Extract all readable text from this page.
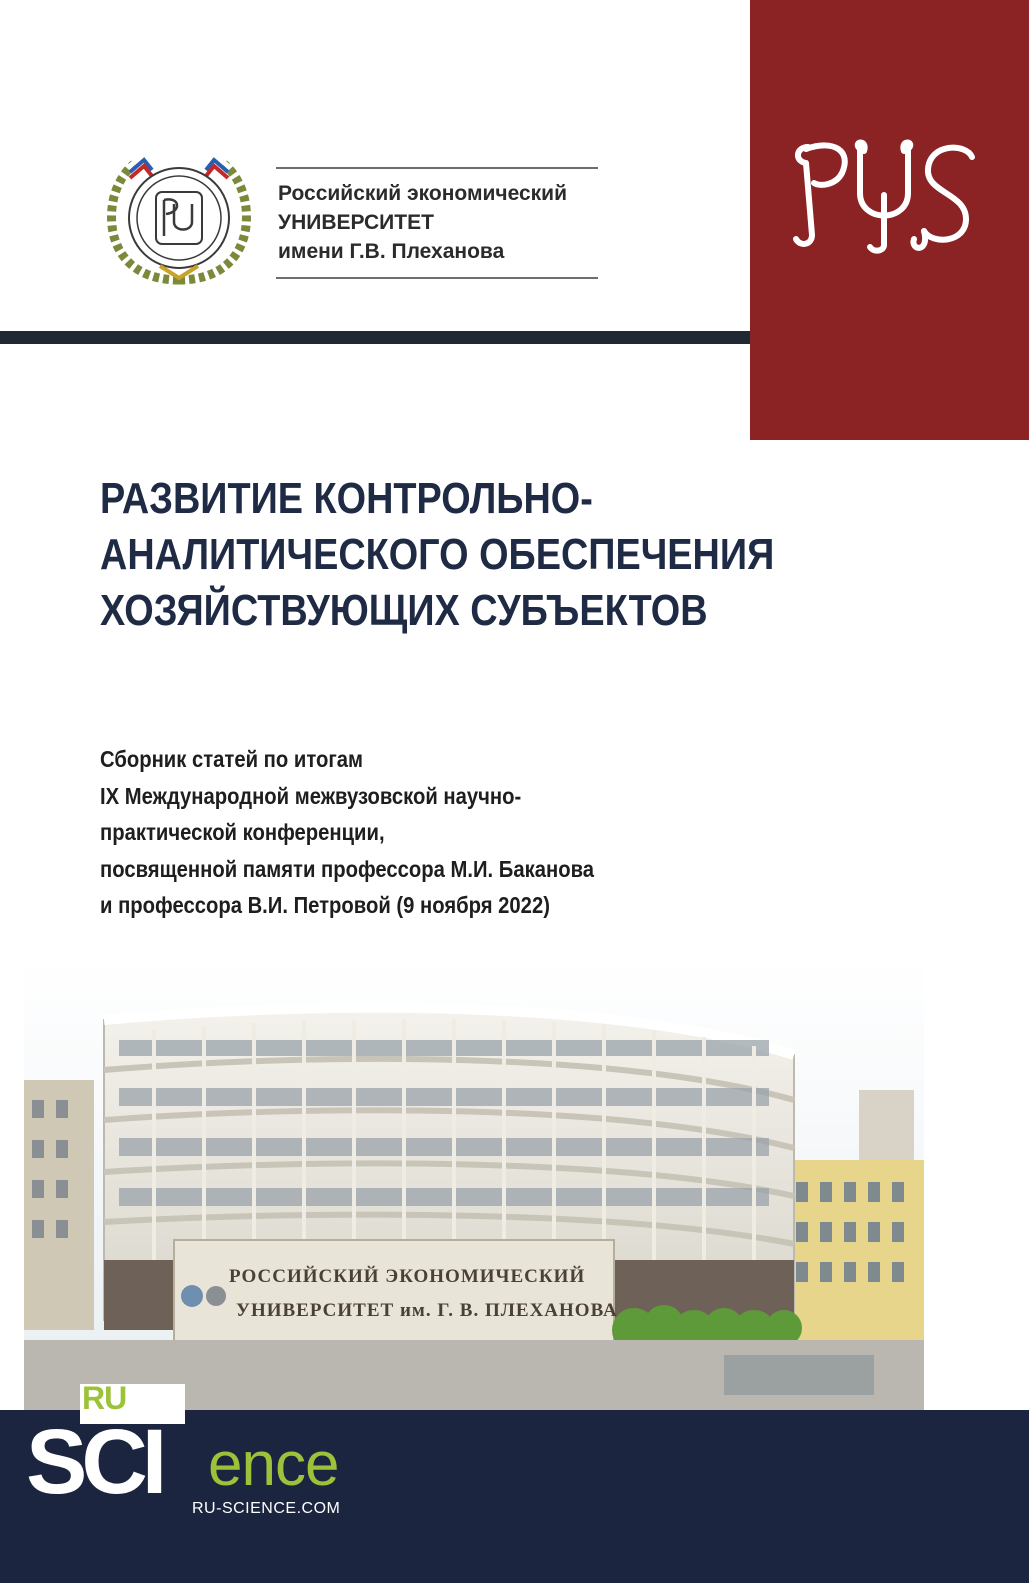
Российский экономический
УНИВЕРСИТЕТ
имени Г.В. Плеханова
РАЗВИТИЕ КОНТРОЛЬНО-
АНАЛИТИЧЕСКОГО ОБЕСПЕЧЕНИЯ
ХОЗЯЙСТВУЮЩИХ СУБЪЕКТОВ
Сборник статей по итогам
IX Международной межвузовской научно-
практической конференции,
посвященной памяти профессора М.И. Баканова
и профессора В.И. Петровой (9 ноября 2022)
РОССИЙСКИЙ ЭКОНОМИЧЕСКИЙ
УНИВЕРСИТЕТ им. Г. В. ПЛЕХАНОВА
RU
SCI ence
RU-SCIENCE.COM
